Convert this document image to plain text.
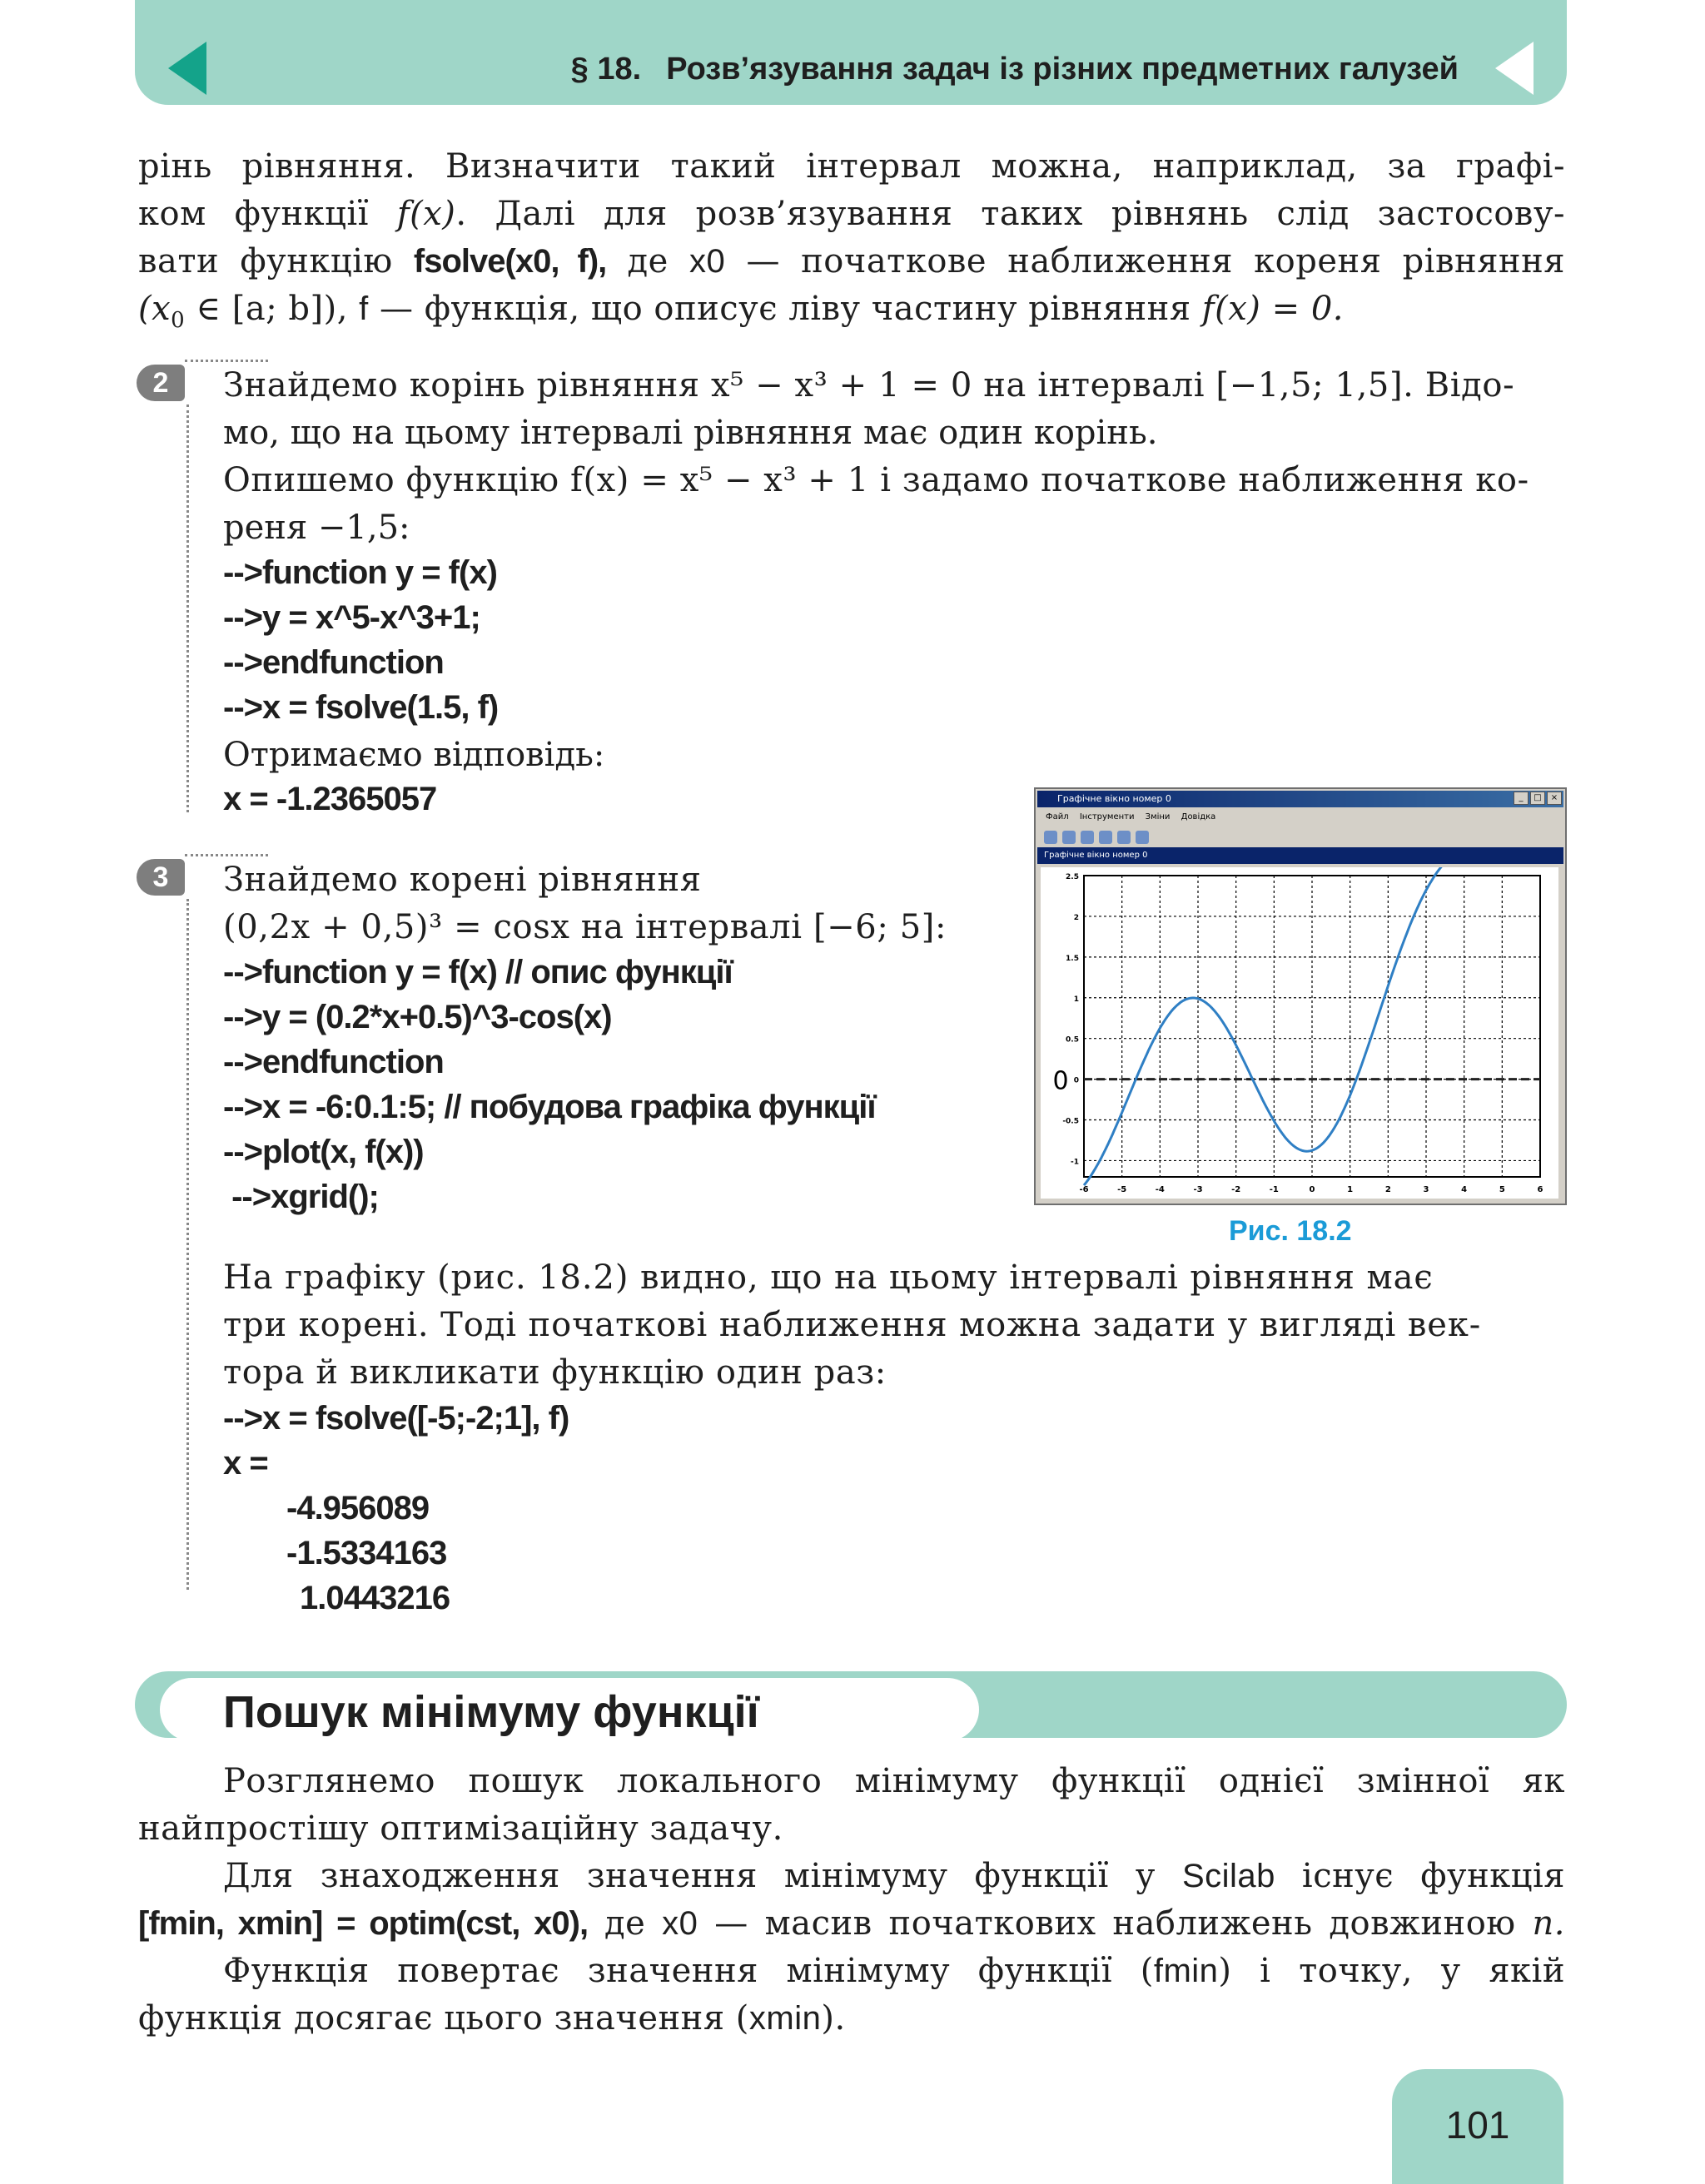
§ 18. Розв’язування задач із різних предметних галузей
рінь рівняння. Визначити такий інтервал можна, наприклад, за графі-
ком функції f(x). Далі для розв’язування таких рівнянь слід застосову-
вати функцію fsolve(x0, f), де x0 — початкове наближення кореня рівняння
($x_0$ ∈ [a; b]), f — функція, що описує ліву частину рівняння f(x) = 0.
2	Знайдемо корінь рівняння x⁵ − x³ + 1 = 0 на інтервалі [−1,5; 1,5]. Відо-
мо, що на цьому інтервалі рівняння має один корінь.
Опишемо функцію f(x) = x⁵ − x³ + 1 і задамо початкове наближення ко-
реня −1,5:
-->function y = f(x)
-->y = x^5-x^3+1;
-->endfunction
-->x = fsolve(1.5, f)
Отримаємо відповідь:
x = -1.2365057
3	Знайдемо корені рівняння
(0,2x + 0,5)³ = cosx на інтервалі [−6; 5]:
-->function y = f(x) // опис функції
-->y = (0.2*x+0.5)^3-cos(x)
-->endfunction
-->x = -6:0.1:5; // побудова графіка функції
-->plot(x, f(x))
-->xgrid();
На графіку (рис. 18.2) видно, що на цьому інтервалі рівняння має
три корені. Тоді початкові наближення можна задати у вигляді век-
тора й викликати функцію один раз:
-->x = fsolve([-5;-2;1], f)
x =
-4.956089
-1.5334163
1.0443216
Графічне вікно номер 0	_	□	×
Файл Інструменти Зміни Довідка
Графічне вікно номер 0
-6	-5	-4	-3	-2	-1	0	1	2	3	4	5	6
-1
-0.5
0
0.5
1
1.5
2
2.5
0
Рис. 18.2
Пошук мінімуму функції
Розглянемо пошук локального мінімуму функції однієї змінної як
найпростішу оптимізаційну задачу.
Для знаходження значення мінімуму функції у Scilab існує функція
[fmin, xmin] = optim(cst, x0), де x0 — масив початкових наближень довжиною n.
Функція повертає значення мінімуму функції (fmin) і точку, у якій
функція досягає цього значення (xmin).
101
